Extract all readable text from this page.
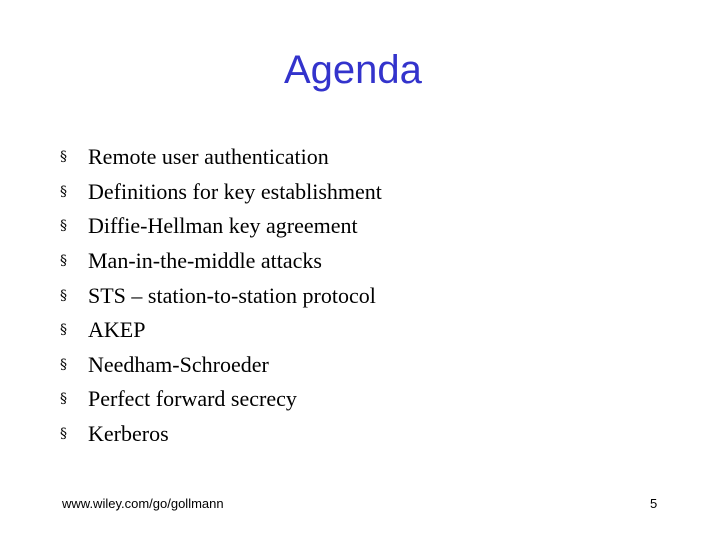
Agenda
§ Remote user authentication
§ Definitions for key establishment
§ Diffie-Hellman key agreement
§ Man-in-the-middle attacks
§ STS – station-to-station protocol
§ AKEP
§ Needham-Schroeder
§ Perfect forward secrecy
§ Kerberos
www.wiley.com/go/gollmann	5
